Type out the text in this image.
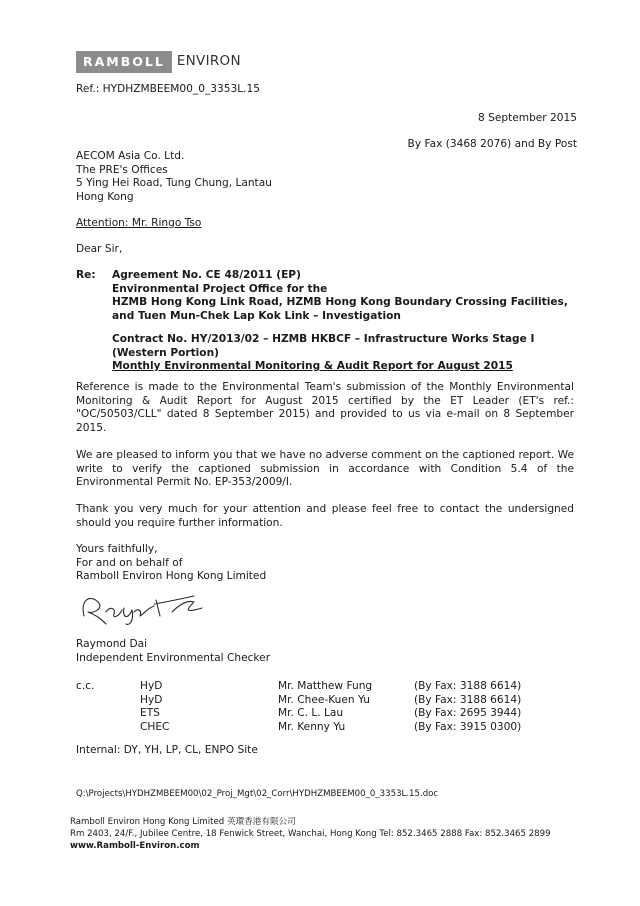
RAMBOLL ENVIRON
Ref.: HYDHZMBEEM00_0_3353L.15
8 September 2015
By Fax (3468 2076) and By Post
AECOM Asia Co. Ltd.
The PRE's Offices
5 Ying Hei Road, Tung Chung, Lantau
Hong Kong
Attention: Mr. Ringo Tso
Dear Sir,
Re: Agreement No. CE 48/2011 (EP)
Environmental Project Office for the
HZMB Hong Kong Link Road, HZMB Hong Kong Boundary Crossing Facilities,
and Tuen Mun-Chek Lap Kok Link – Investigation
Contract No. HY/2013/02 – HZMB HKBCF – Infrastructure Works Stage I
(Western Portion)
Monthly Environmental Monitoring & Audit Report for August 2015
Reference is made to the Environmental Team's submission of the Monthly Environmental Monitoring & Audit Report for August 2015 certified by the ET Leader (ET's ref.: "OC/50503/CLL" dated 8 September 2015) and provided to us via e-mail on 8 September 2015.
We are pleased to inform you that we have no adverse comment on the captioned report. We write to verify the captioned submission in accordance with Condition 5.4 of the Environmental Permit No. EP-353/2009/I.
Thank you very much for your attention and please feel free to contact the undersigned should you require further information.
Yours faithfully,
For and on behalf of
Ramboll Environ Hong Kong Limited
Raymond Dai
Independent Environmental Checker
c.c.	HyD	Mr. Matthew Fung	(By Fax: 3188 6614)
HyD	Mr. Chee-Kuen Yu	(By Fax: 3188 6614)
ETS	Mr. C. L. Lau	(By Fax: 2695 3944)
CHEC	Mr. Kenny Yu	(By Fax: 3915 0300)
Internal: DY, YH, LP, CL, ENPO Site
Q:\Projects\HYDHZMBEEM00\02_Proj_Mgt\02_Corr\HYDHZMBEEM00_0_3353L.15.doc
Ramboll Environ Hong Kong Limited 英環香港有限公司
Rm 2403, 24/F., Jubilee Centre, 18 Fenwick Street, Wanchai, Hong Kong Tel: 852.3465 2888 Fax: 852.3465 2899
www.Ramboll-Environ.com
